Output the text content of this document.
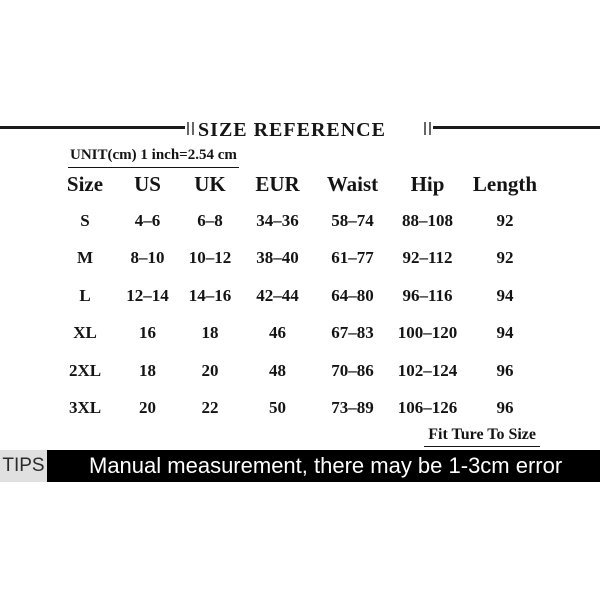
SIZE REFERENCE
UNIT(cm) 1 inch=2.54 cm
Size	US	UK	EUR	Waist	Hip	Length
S	4–6	6–8	34–36	58–74	88–108	92
M	8–10	10–12	38–40	61–77	92–112	92
L	12–14	14–16	42–44	64–80	96–116	94
XL	16	18	46	67–83	100–120	94
2XL	18	20	48	70–86	102–124	96
3XL	20	22	50	73–89	106–126	96
Fit Ture To Size
TIPS	Manual measurement, there may be 1-3cm error
